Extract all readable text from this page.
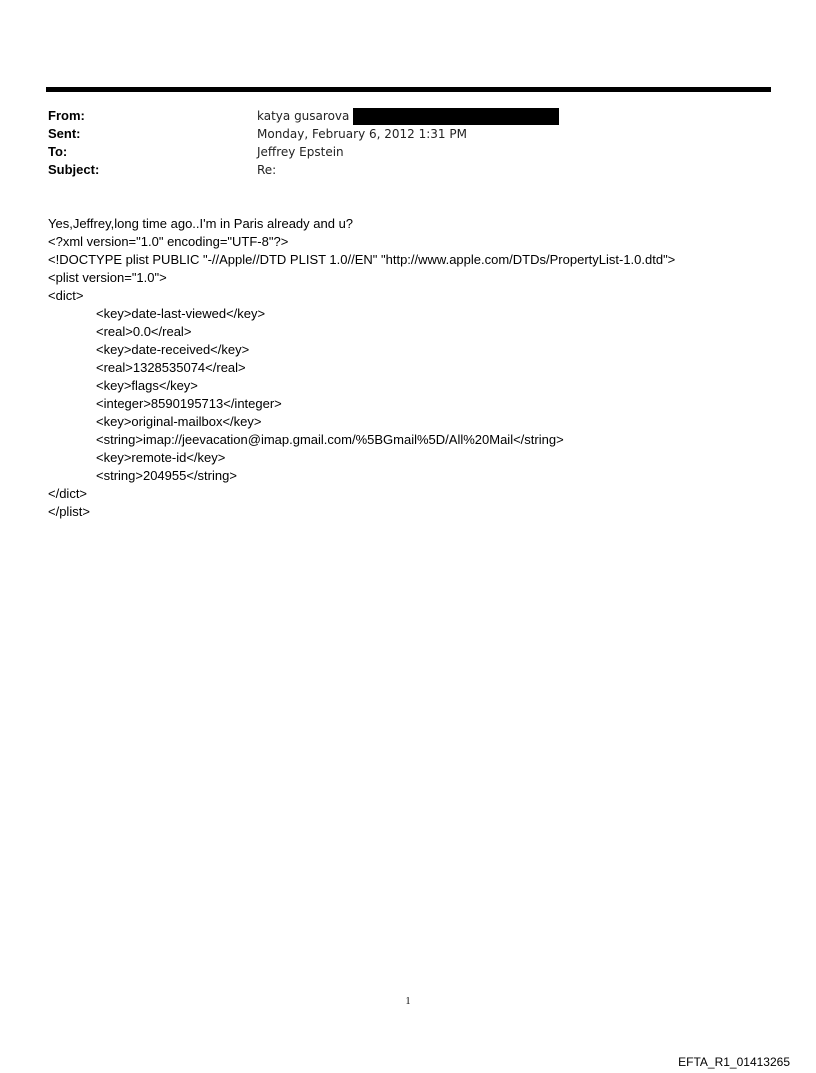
From:	katya gusarova
Sent:	Monday, February 6, 2012 1:31 PM
To:	Jeffrey Epstein
Subject:	Re:
Yes,Jeffrey,long time ago..I'm in Paris already and u?
<?xml version="1.0" encoding="UTF-8"?>
<!DOCTYPE plist PUBLIC "-//Apple//DTD PLIST 1.0//EN" "http://www.apple.com/DTDs/PropertyList-1.0.dtd">
<plist version="1.0">
<dict>
<key>date-last-viewed</key>
<real>0.0</real>
<key>date-received</key>
<real>1328535074</real>
<key>flags</key>
<integer>8590195713</integer>
<key>original-mailbox</key>
<string>imap://jeevacation@imap.gmail.com/%5BGmail%5D/All%20Mail</string>
<key>remote-id</key>
<string>204955</string>
</dict>
</plist>
1
EFTA_R1_01413265
